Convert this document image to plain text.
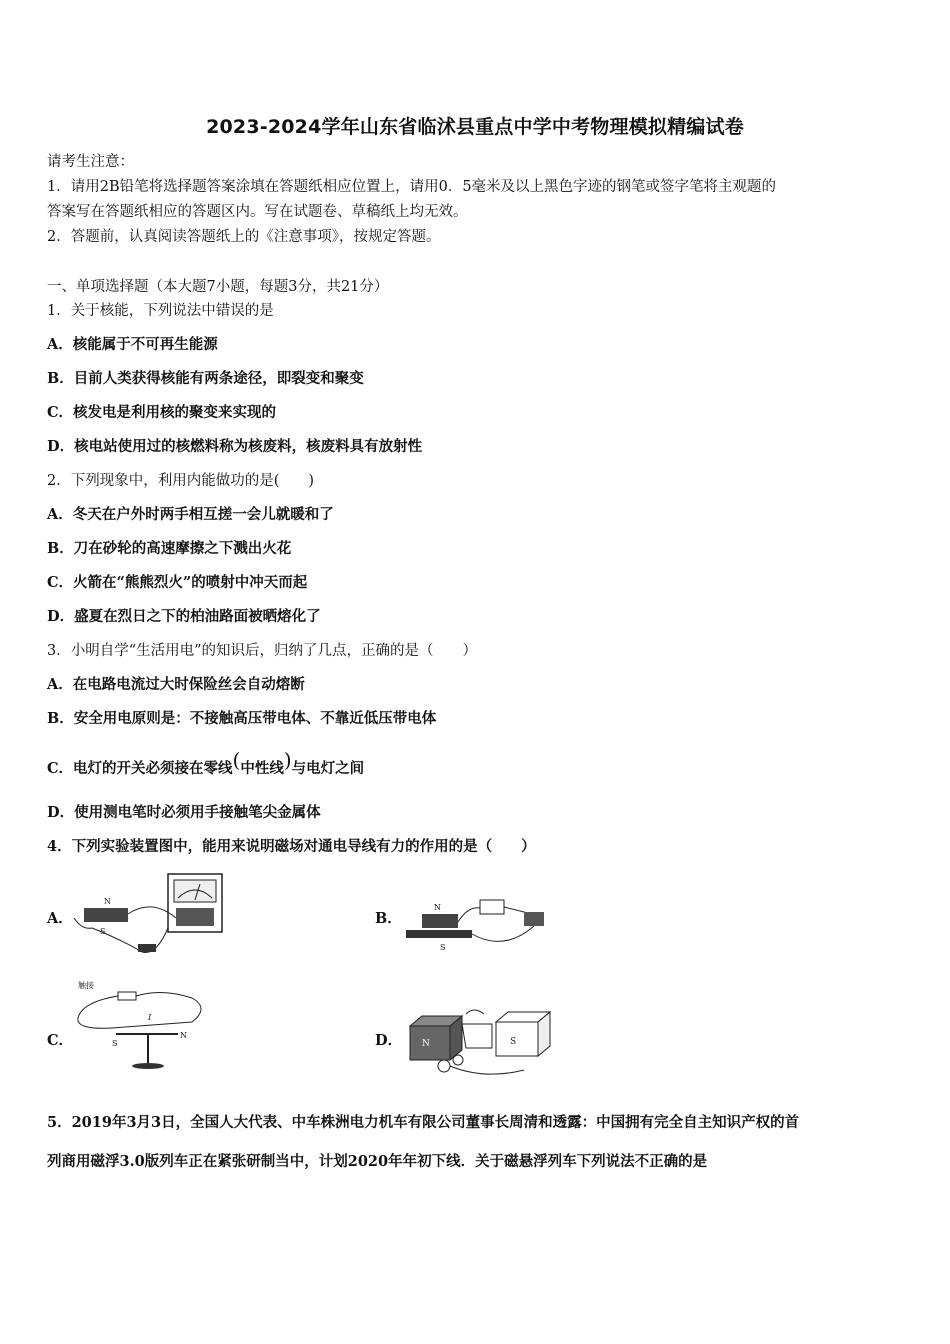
2023-2024学年山东省临沭县重点中学中考物理模拟精编试卷
请考生注意：
1．请用2B铅笔将选择题答案涂填在答题纸相应位置上，请用0．5毫米及以上黑色字迹的钢笔或签字笔将主观题的
答案写在答题纸相应的答题区内。写在试题卷、草稿纸上均无效。
2．答题前，认真阅读答题纸上的《注意事项》，按规定答题。
一、单项选择题（本大题7小题，每题3分，共21分）
1．关于核能，下列说法中错误的是
A．核能属于不可再生能源
B．目前人类获得核能有两条途径，即裂变和聚变
C．核发电是利用核的聚变来实现的
D．核电站使用过的核燃料称为核废料，核废料具有放射性
2．下列现象中，利用内能做功的是(　　)
A．冬天在户外时两手相互搓一会儿就暖和了
B．刀在砂轮的高速摩擦之下溅出火花
C．火箭在“熊熊烈火”的喷射中冲天而起
D．盛夏在烈日之下的柏油路面被晒熔化了
3．小明自学“生活用电”的知识后，归纳了几点，正确的是（　　）
A．在电路电流过大时保险丝会自动熔断
B．安全用电原则是：不接触高压带电体、不靠近低压带电体
C．电灯的开关必须接在零线(中性线)与电灯之间
D．使用测电笔时必须用手接触笔尖金属体
4．下列实验装置图中，能用来说明磁场对通电导线有力的作用的是（　　）
A．
N
S
B．
N
S
C．
触接
I
S
N	D． N	S
5．2019年3月3日，全国人大代表、中车株洲电力机车有限公司董事长周清和透露：中国拥有完全自主知识产权的首
列商用磁浮3.0版列车正在紧张研制当中，计划2020年年初下线．关于磁悬浮列车下列说法不正确的是
